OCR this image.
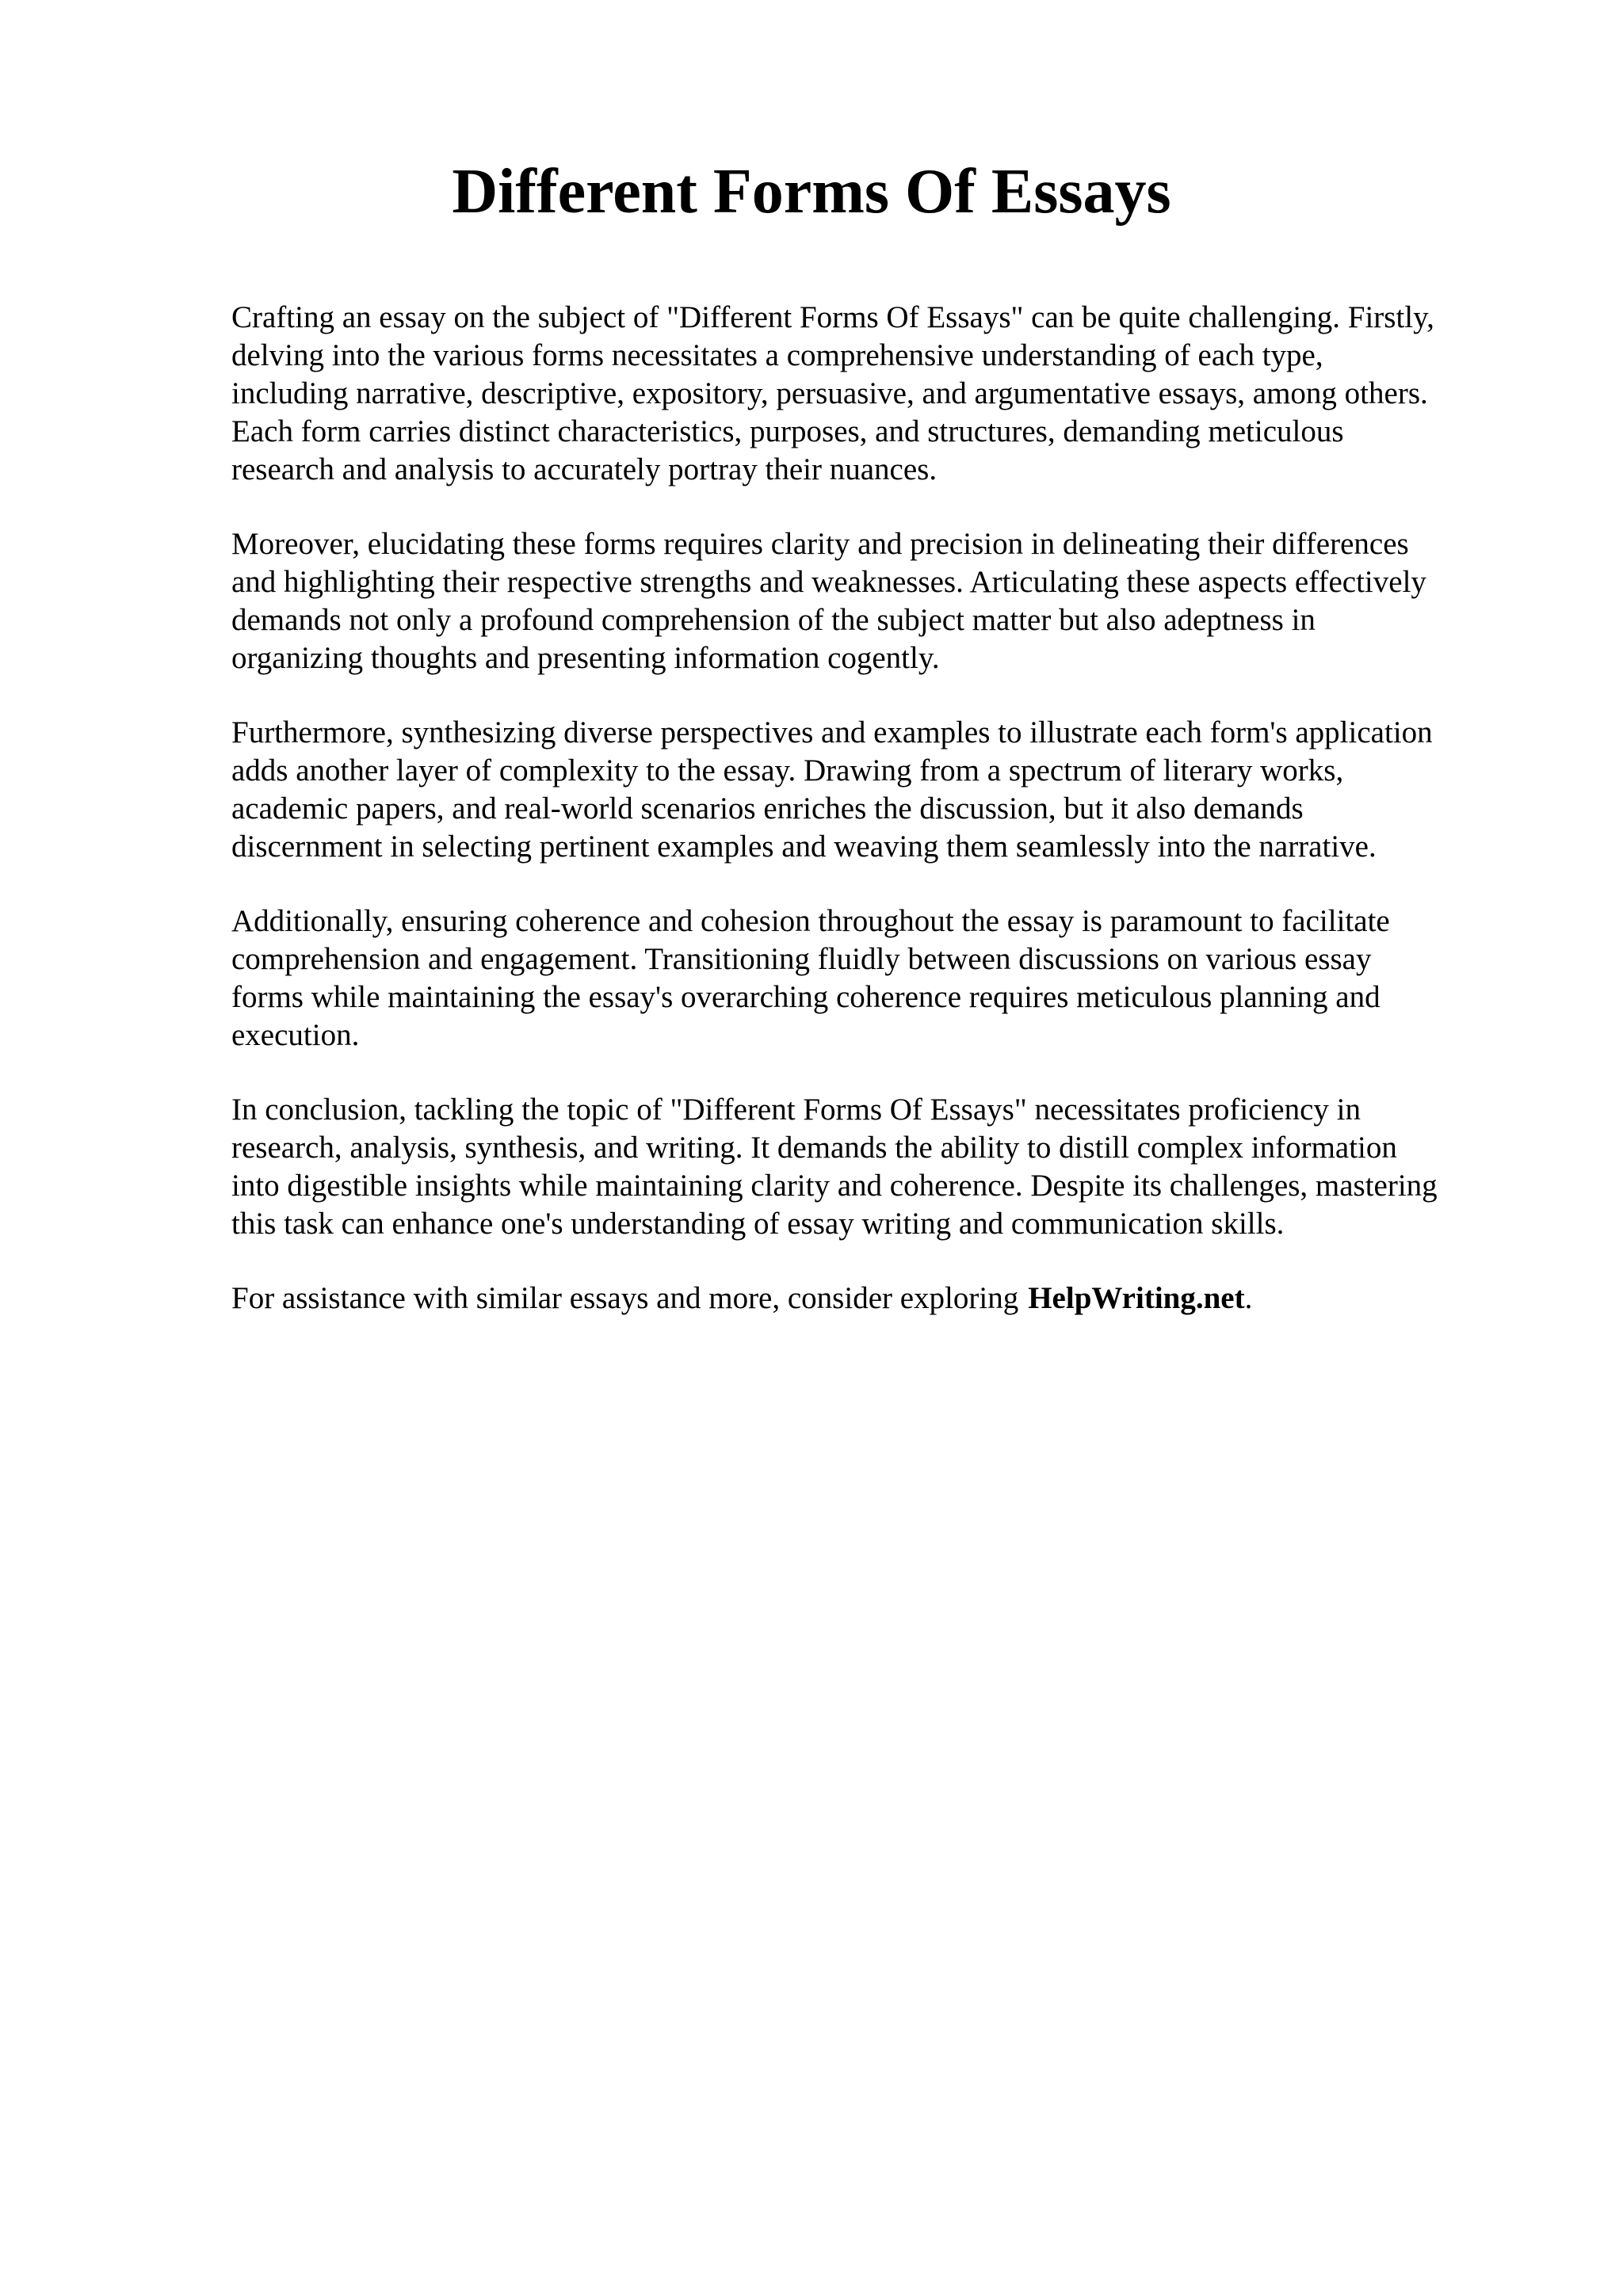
Different Forms Of Essays

Crafting an essay on the subject of "Different Forms Of Essays" can be quite challenging. Firstly,
delving into the various forms necessitates a comprehensive understanding of each type,
including narrative, descriptive, expository, persuasive, and argumentative essays, among others.
Each form carries distinct characteristics, purposes, and structures, demanding meticulous
research and analysis to accurately portray their nuances.

Moreover, elucidating these forms requires clarity and precision in delineating their differences
and highlighting their respective strengths and weaknesses. Articulating these aspects effectively
demands not only a profound comprehension of the subject matter but also adeptness in
organizing thoughts and presenting information cogently.

Furthermore, synthesizing diverse perspectives and examples to illustrate each form's application
adds another layer of complexity to the essay. Drawing from a spectrum of literary works,
academic papers, and real-world scenarios enriches the discussion, but it also demands
discernment in selecting pertinent examples and weaving them seamlessly into the narrative.

Additionally, ensuring coherence and cohesion throughout the essay is paramount to facilitate
comprehension and engagement. Transitioning fluidly between discussions on various essay
forms while maintaining the essay's overarching coherence requires meticulous planning and
execution.

In conclusion, tackling the topic of "Different Forms Of Essays" necessitates proficiency in
research, analysis, synthesis, and writing. It demands the ability to distill complex information
into digestible insights while maintaining clarity and coherence. Despite its challenges, mastering
this task can enhance one's understanding of essay writing and communication skills.

For assistance with similar essays and more, consider exploring HelpWriting.net.
